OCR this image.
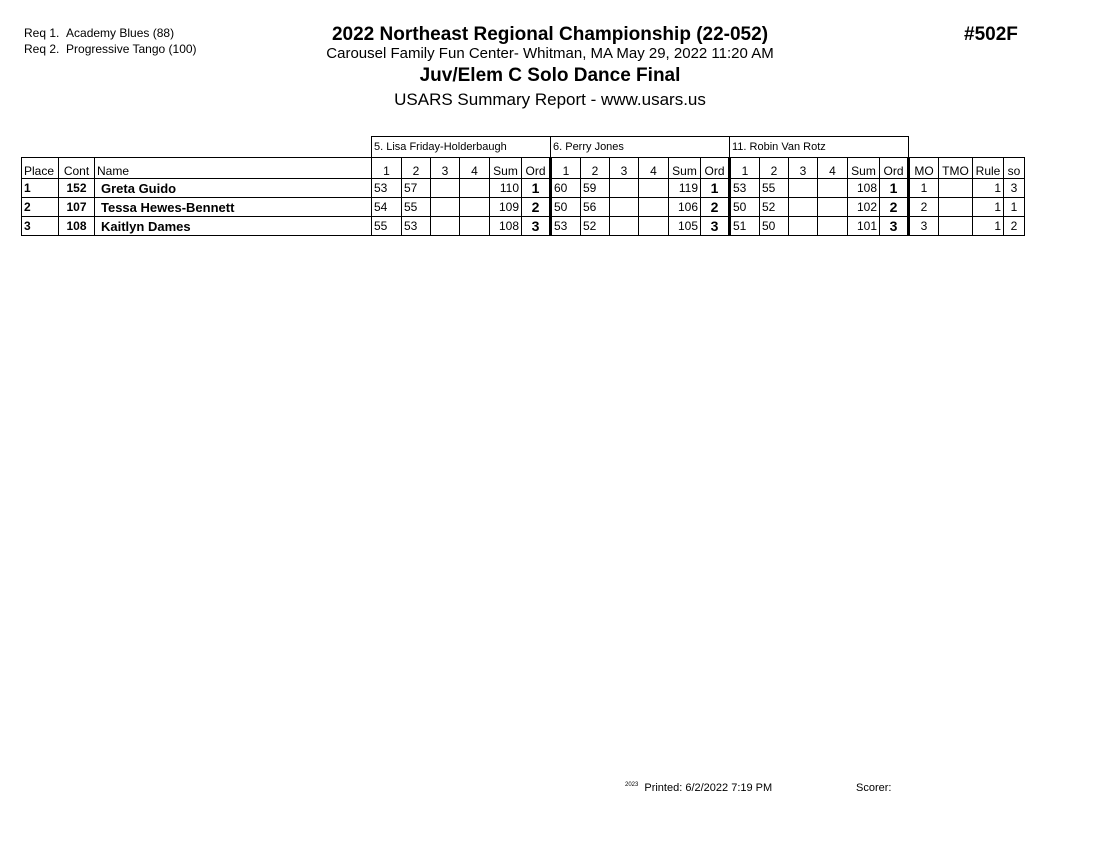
Req 1. Academy Blues (88)
Req 2. Progressive Tango (100)
2022 Northeast Regional Championship (22-052)
Carousel Family Fun Center- Whitman, MA May 29, 2022 11:20 AM
Juv/Elem C Solo Dance Final
USARS Summary Report - www.usars.us
#502F
			5. Lisa Friday-Holderbaugh						6. Perry Jones						11. Robin Van Rotz									
Place	Cont	Name	1	2	3	4	Sum	Ord	1	2	3	4	Sum	Ord	1	2	3	4	Sum	Ord	MO	TMO	Rule	so
1	152	Greta Guido	53	57			110	1	60	59			119	1	53	55			108	1	1		1	3
2	107	Tessa Hewes-Bennett	54	55			109	2	50	56			106	2	50	52			102	2	2		1	1
3	108	Kaitlyn Dames	55	53			108	3	53	52			105	3	51	50			101	3	3		1	2
$^{2023}$ Printed: 6/2/2022 7:19 PM	Scorer:
